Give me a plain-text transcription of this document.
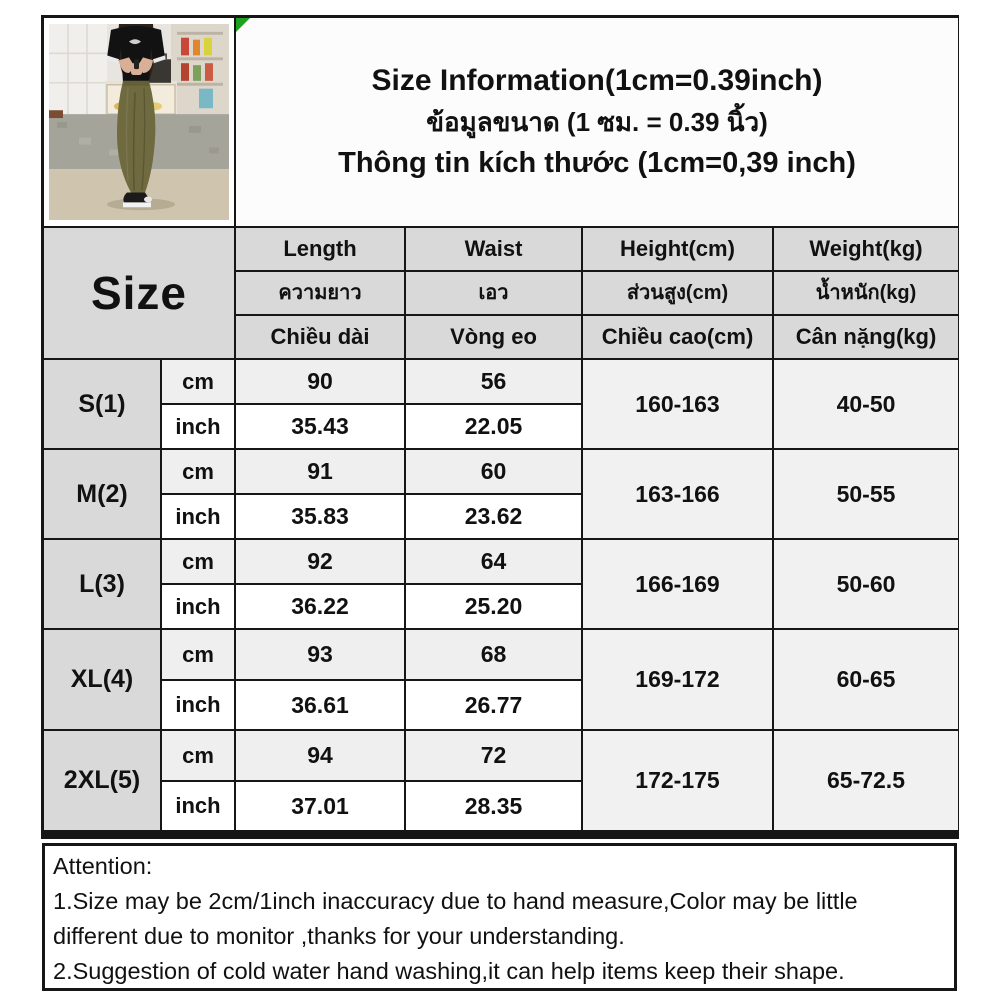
Size Information(1cm=0.39inch)
ข้อมูลขนาด (1 ซม. = 0.39 นิ้ว)
Thông tin kích thước (1cm=0,39 inch)
Size
Length	Waist	Height(cm)	Weight(kg)
ความยาว	เอว	ส่วนสูง(cm)	น้ำหนัก(kg)
Chiều dài	Vòng eo	Chiều cao(cm)	Cân nặng(kg)
S(1)
cm	90	56
inch	35.43	22.05
160-163	40-50
M(2)
cm	91	60
inch	35.83	23.62
163-166	50-55
L(3)
cm	92	64
inch	36.22	25.20
166-169	50-60
XL(4)
cm	93	68
inch	36.61	26.77
169-172	60-65
2XL(5)
cm	94	72
inch	37.01	28.35
172-175	65-72.5
Attention:
1.Size may be 2cm/1inch inaccuracy due to hand measure,Color may be little different due to monitor ,thanks for your understanding.
2.Suggestion of cold water hand washing,it can help items keep their shape.
